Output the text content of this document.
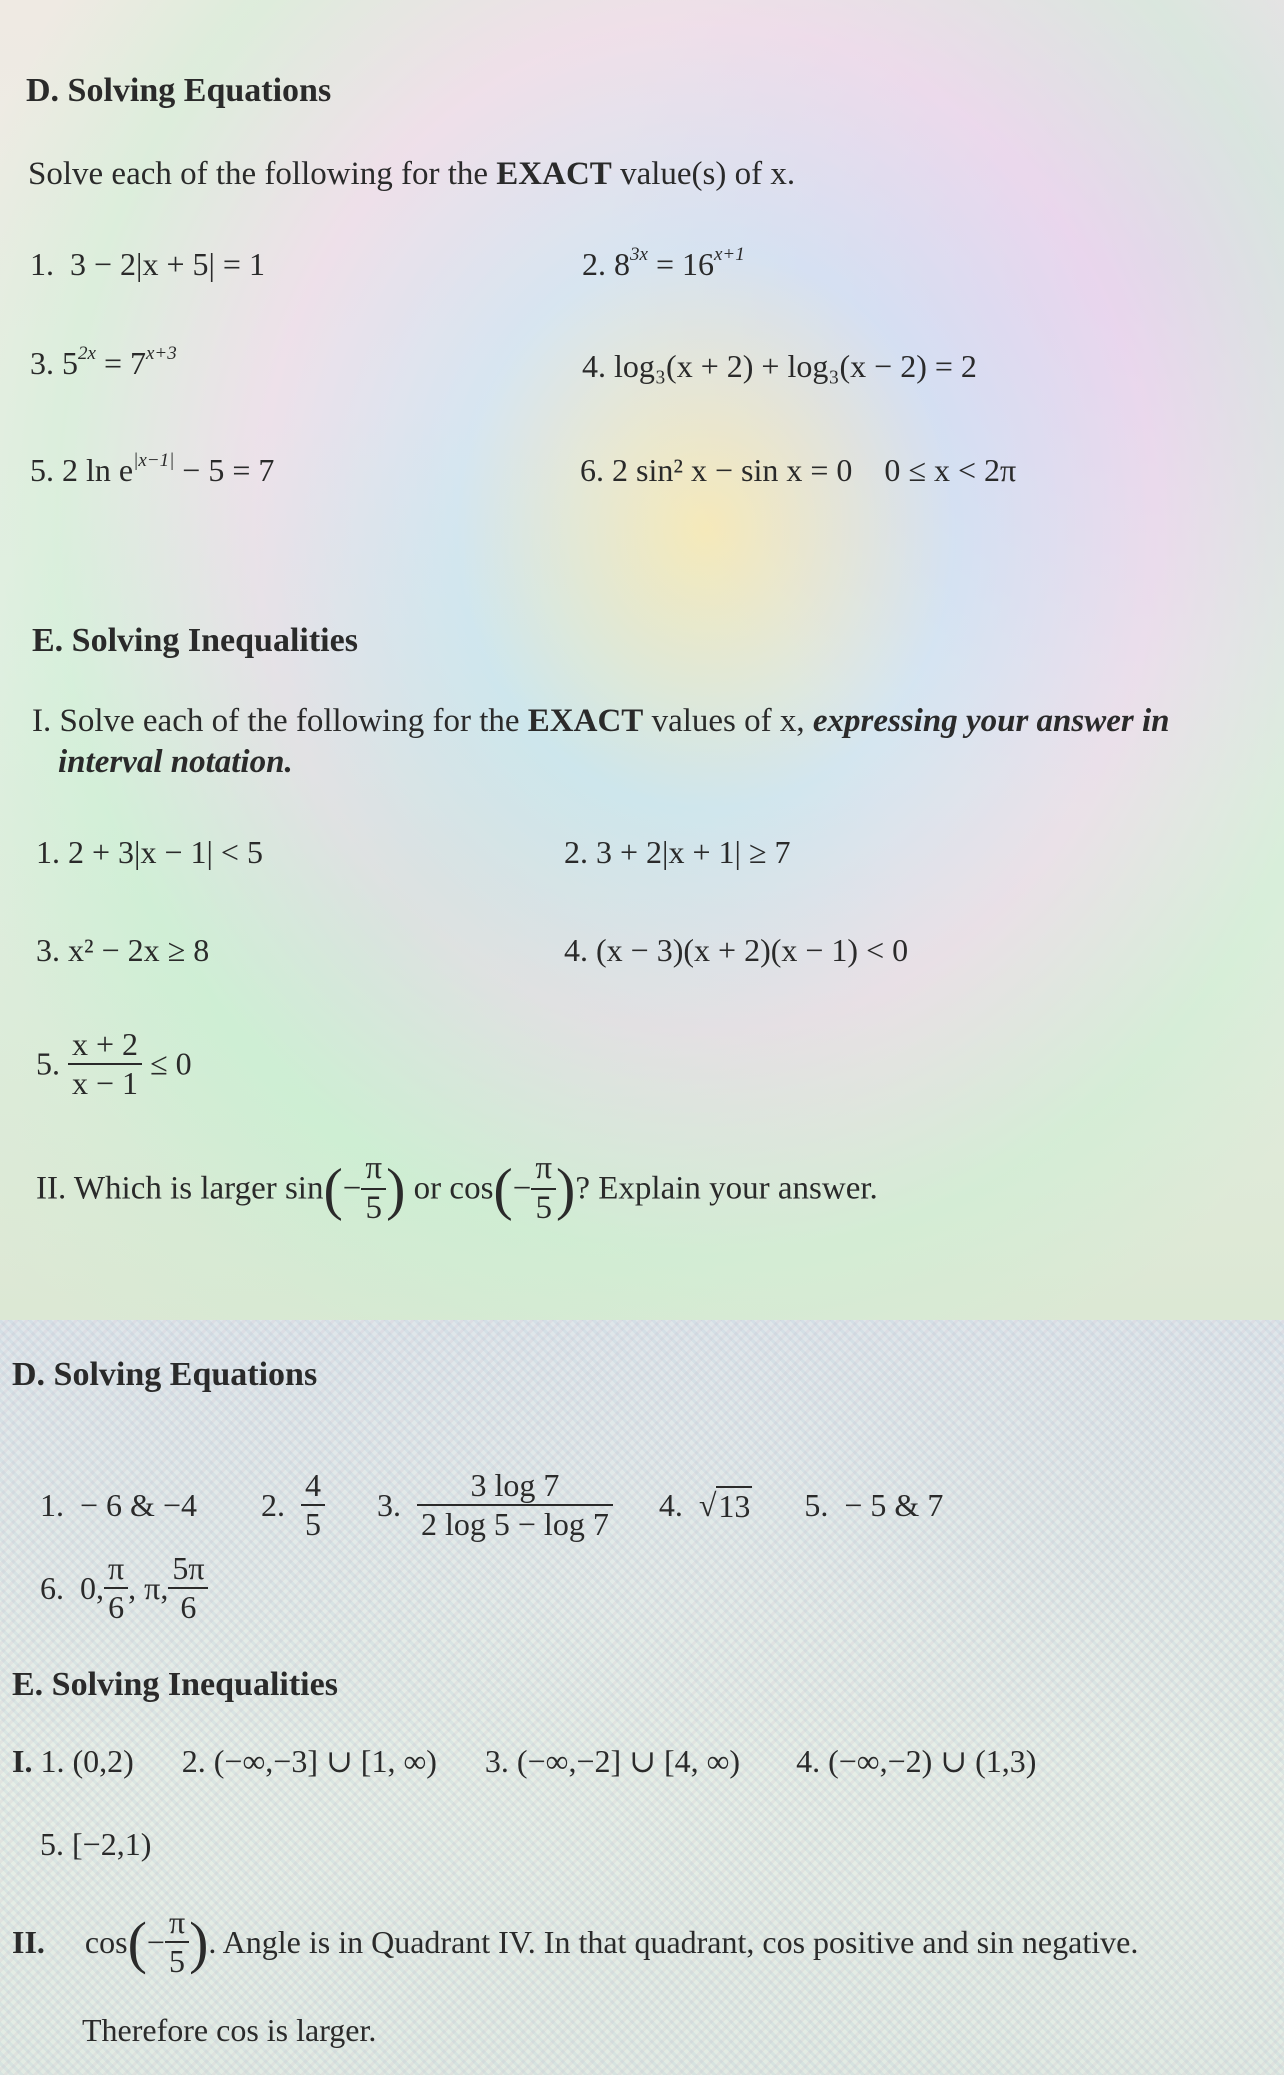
D. Solving Equations
Solve each of the following for the EXACT value(s) of x.
1. 3 − 2|x + 5| = 1	2. $8^{3x} = 16^{x+1}$
3. $5^{2x} = 7^{x+3}$	4. log₃(x + 2) + log₃(x − 2) = 2
5. 2 $\ln e^{|x-1|} - 5 = 7$	6. 2 sin² x − sin x = 0 0 ≤ x < 2π
E. Solving Inequalities
I. Solve each of the following for the EXACT values of x, expressing your answer in
interval notation.
1. 2 + 3|x − 1| < 5	2. 3 + 2|x + 1| ≥ 7
3. x² − 2x ≥ 8	4. (x − 3)(x + 2)(x − 1) < 0
5. $\frac{x + 2}{x - 1} \le 0$
II. Which is larger $\sin(- \frac{\pi}{5}$ ) or $\cos(- \frac{\pi}{5}$ )? Explain your answer.
D. Solving Equations
1.
− 6 & −4 2.
$\frac{4}{5} 3$.
$\frac{3 \log 7}{2 \log 5 - \log 7} 4$.
√ 13 5.
− 5 & 7
6.
0, $\frac{\pi}{6}$ , π, $\frac{5\pi}{6}$
E. Solving Inequalities
I. 1. (0,2) 2. (−∞,−3] ∪ [1, ∞) 3. (−∞,−2] ∪ [4, ∞) 4. (−∞,−2) ∪ (1,3)
5. [−2,1)
II. cos ( − $\frac{\pi}{5}$ ) . Angle is in Quadrant IV. In that quadrant, cos positive and sin negative.
Therefore cos is larger.
